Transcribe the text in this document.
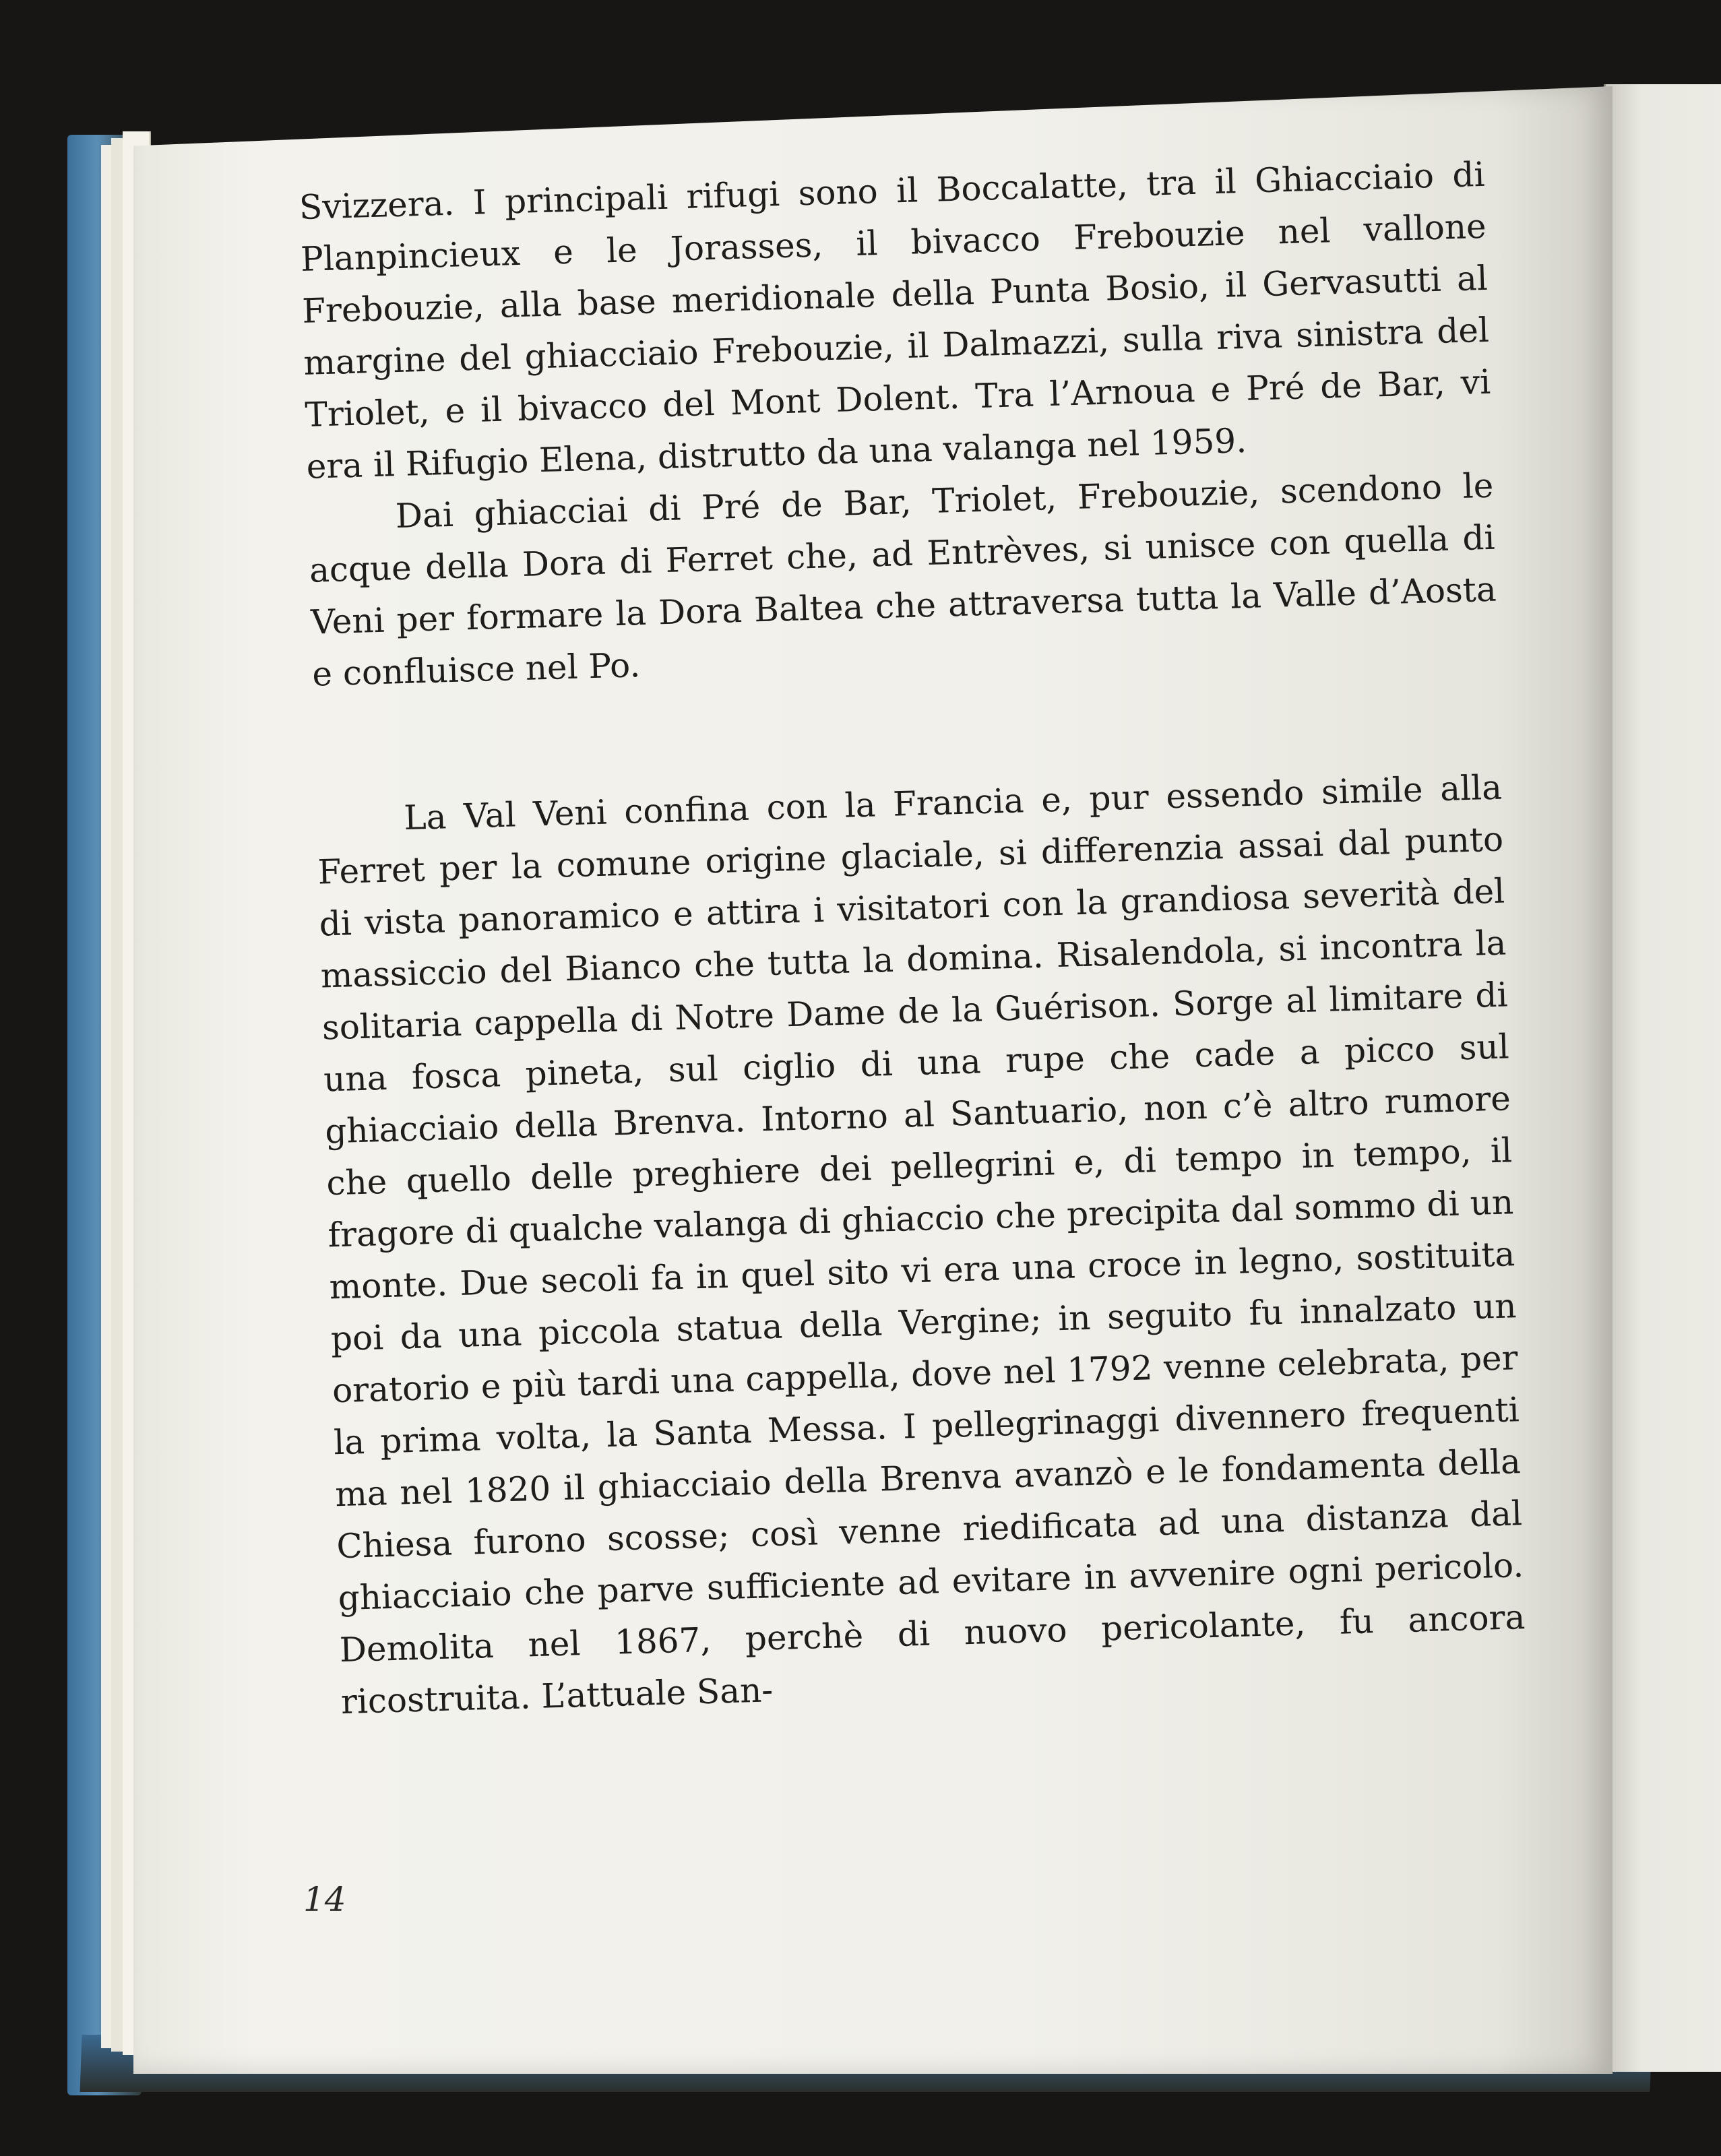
Svizzera. I principali rifugi sono il Boccalatte, tra il Ghiacciaio di Planpincieux e le Jorasses, il bivacco Frebouzie nel vallone Frebouzie, alla base meridionale della Punta Bosio, il Gervasutti al margine del ghiacciaio Frebouzie, il Dalmazzi, sulla riva sinistra del Triolet, e il bivacco del Mont Dolent. Tra l’Arnoua e Pré de Bar, vi era il Rifugio Elena, distrutto da una valanga nel 1959.

Dai ghiacciai di Pré de Bar, Triolet, Frebouzie, scendono le acque della Dora di Ferret che, ad Entrèves, si unisce con quella di Veni per formare la Dora Baltea che attraversa tutta la Valle d’Aosta e confluisce nel Po.

La Val Veni confina con la Francia e, pur essendo simile alla Ferret per la comune origine glaciale, si differenzia assai dal punto di vista panoramico e attira i visitatori con la grandiosa severità del massiccio del Bianco che tutta la domina. Risalendola, si incontra la solitaria cappella di Notre Dame de la Guérison. Sorge al limitare di una fosca pineta, sul ciglio di una rupe che cade a picco sul ghiacciaio della Brenva. Intorno al Santuario, non c’è altro rumore che quello delle preghiere dei pellegrini e, di tempo in tempo, il fragore di qualche valanga di ghiaccio che precipita dal sommo di un monte. Due secoli fa in quel sito vi era una croce in legno, sostituita poi da una piccola statua della Vergine; in seguito fu innalzato un oratorio e più tardi una cappella, dove nel 1792 venne celebrata, per la prima volta, la Santa Messa. I pellegrinaggi divennero frequenti ma nel 1820 il ghiacciaio della Brenva avanzò e le fondamenta della Chiesa furono scosse; così venne riedificata ad una distanza dal ghiacciaio che parve sufficiente ad evitare in avvenire ogni pericolo. Demolita nel 1867, perchè di nuovo pericolante, fu ancora ricostruita. L’attuale San-

14
